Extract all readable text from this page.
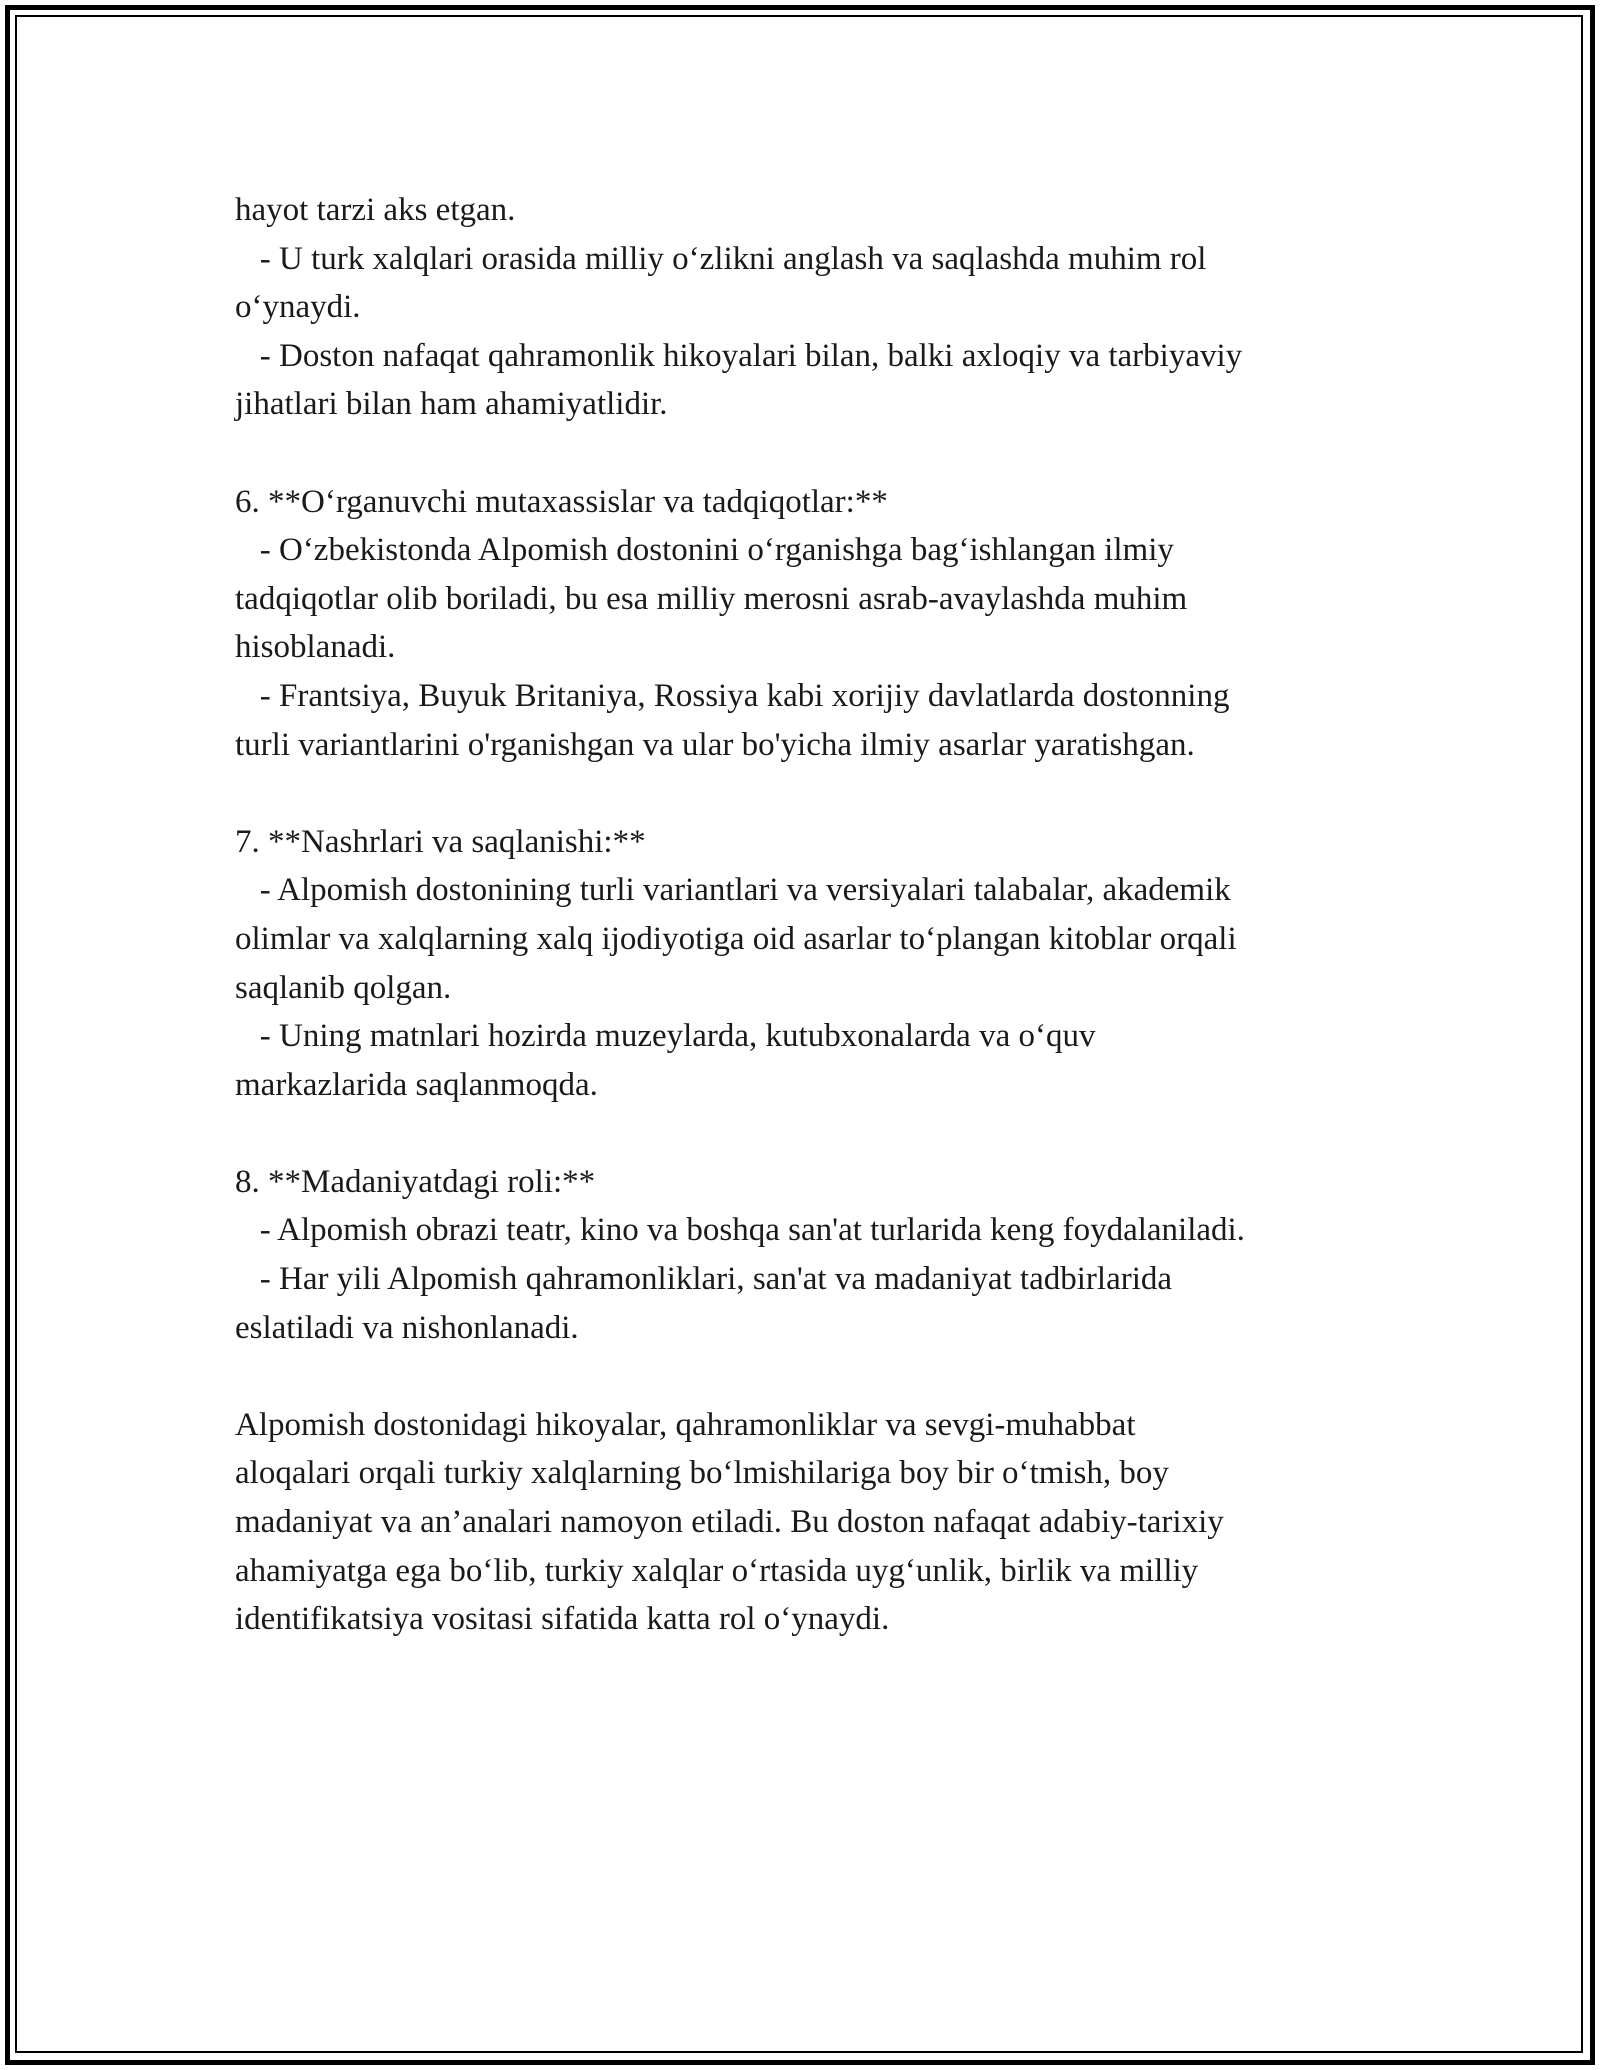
hayot tarzi aks etgan.
- U turk xalqlari orasida milliy o‘zlikni anglash va saqlashda muhim rol
o‘ynaydi.
- Doston nafaqat qahramonlik hikoyalari bilan, balki axloqiy va tarbiyaviy
jihatlari bilan ham ahamiyatlidir.
6. **O‘rganuvchi mutaxassislar va tadqiqotlar:**
- O‘zbekistonda Alpomish dostonini o‘rganishga bag‘ishlangan ilmiy
tadqiqotlar olib boriladi, bu esa milliy merosni asrab-avaylashda muhim
hisoblanadi.
- Frantsiya, Buyuk Britaniya, Rossiya kabi xorijiy davlatlarda dostonning
turli variantlarini o'rganishgan va ular bo'yicha ilmiy asarlar yaratishgan.
7. **Nashrlari va saqlanishi:**
- Alpomish dostonining turli variantlari va versiyalari talabalar, akademik
olimlar va xalqlarning xalq ijodiyotiga oid asarlar to‘plangan kitoblar orqali
saqlanib qolgan.
- Uning matnlari hozirda muzeylarda, kutubxonalarda va o‘quv
markazlarida saqlanmoqda.
8. **Madaniyatdagi roli:**
- Alpomish obrazi teatr, kino va boshqa san'at turlarida keng foydalaniladi.
- Har yili Alpomish qahramonliklari, san'at va madaniyat tadbirlarida
eslatiladi va nishonlanadi.
Alpomish dostonidagi hikoyalar, qahramonliklar va sevgi-muhabbat
aloqalari orqali turkiy xalqlarning bo‘lmishilariga boy bir o‘tmish, boy
madaniyat va an’analari namoyon etiladi. Bu doston nafaqat adabiy-tarixiy
ahamiyatga ega bo‘lib, turkiy xalqlar o‘rtasida uyg‘unlik, birlik va milliy
identifikatsiya vositasi sifatida katta rol o‘ynaydi.
